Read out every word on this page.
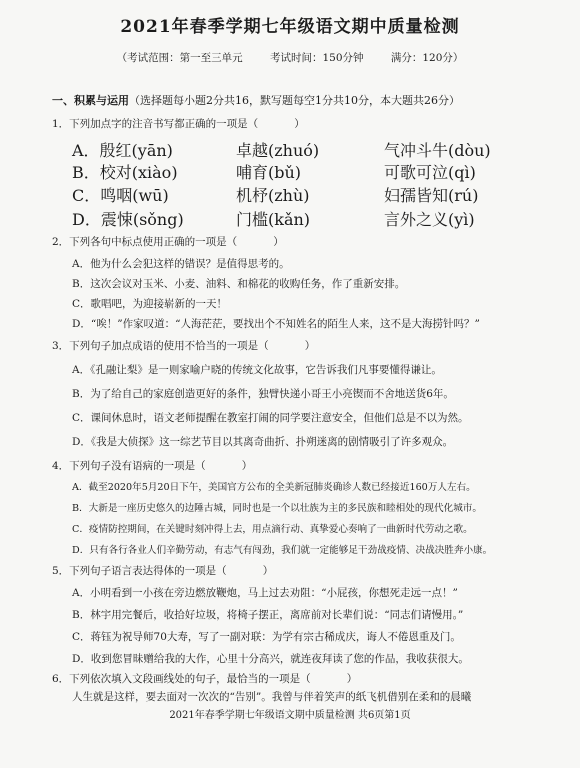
2021年春季学期七年级语文期中质量检测
（考试范围：第一至三单元	考试时间：150分钟	满分：120分）
一、积累与运用（选择题每小题2分共16，默写题每空1分共10分，本大题共26分）
1．下列加点字的注音书写都正确的一项是（	）
A．殷红(yān)	卓越(zhuó)	气冲斗牛(dòu)
B．校对(xiào)	哺育(bǔ)	可歌可泣(qì)
C．鸣咽(wū)	机杼(zhù)	妇孺皆知(rú)
D．震悚(sǒng)	门槛(kǎn)	言外之义(yì)
2．下列各句中标点使用正确的一项是（	）
A．他为什么会犯这样的错误？是值得思考的。
B．这次会议对玉米、小麦、油料、和棉花的收购任务，作了重新安排。
C．歌唱吧，为迎接崭新的一天！
D．“唉！”作家叹道：“人海茫茫，要找出个不知姓名的陌生人来，这不是大海捞针吗？”
3．下列句子加点成语的使用不恰当的一项是（	）
A．《孔融让梨》是一则家喻户晓的传统文化故事，它告诉我们凡事要懂得谦让。
B．为了给自己的家庭创造更好的条件，独臂快递小哥王小亮锲而不舍地送货6年。
C．课间休息时，语文老师提醒在教室打闹的同学要注意安全，但他们总是不以为然。
D．《我是大侦探》这一综艺节目以其离奇曲折、扑朔迷离的剧情吸引了许多观众。
4．下列句子没有语病的一项是（	）
A．截至2020年5月20日下午，美国官方公布的全美新冠肺炎确诊人数已经接近160万人左右。
B．大新是一座历史悠久的边陲古城，同时也是一个以壮族为主的多民族和睦相处的现代化城市。
C．疫情防控期间，在关键时刻冲得上去，用点滴行动、真挚爱心奏响了一曲新时代劳动之歌。
D．只有各行各业人们辛勤劳动，有志气有闯劲，我们就一定能够足干劲战疫情、决战决胜奔小康。
5．下列句子语言表达得体的一项是（	）
A．小明看到一小孩在旁边燃放鞭炮，马上过去劝阻：“小屁孩，你想死走远一点！”
B．林宇用完餐后，收拾好垃圾，将椅子摆正，离席前对长辈们说：“同志们请慢用。”
C．蒋钰为祝导师70大寿，写了一副对联：为学有宗古稀成庆，诲人不倦恩重及门。
D．收到您冒昧赠给我的大作，心里十分高兴，就连夜拜读了您的作品，我收获很大。
6．下列依次填入文段画线处的句子，最恰当的一项是（	）
人生就是这样，要去面对一次次的“告别”。我曾与伴着笑声的纸飞机借别在柔和的晨曦
2021年春季学期七年级语文期中质量检测 共6页第1页
